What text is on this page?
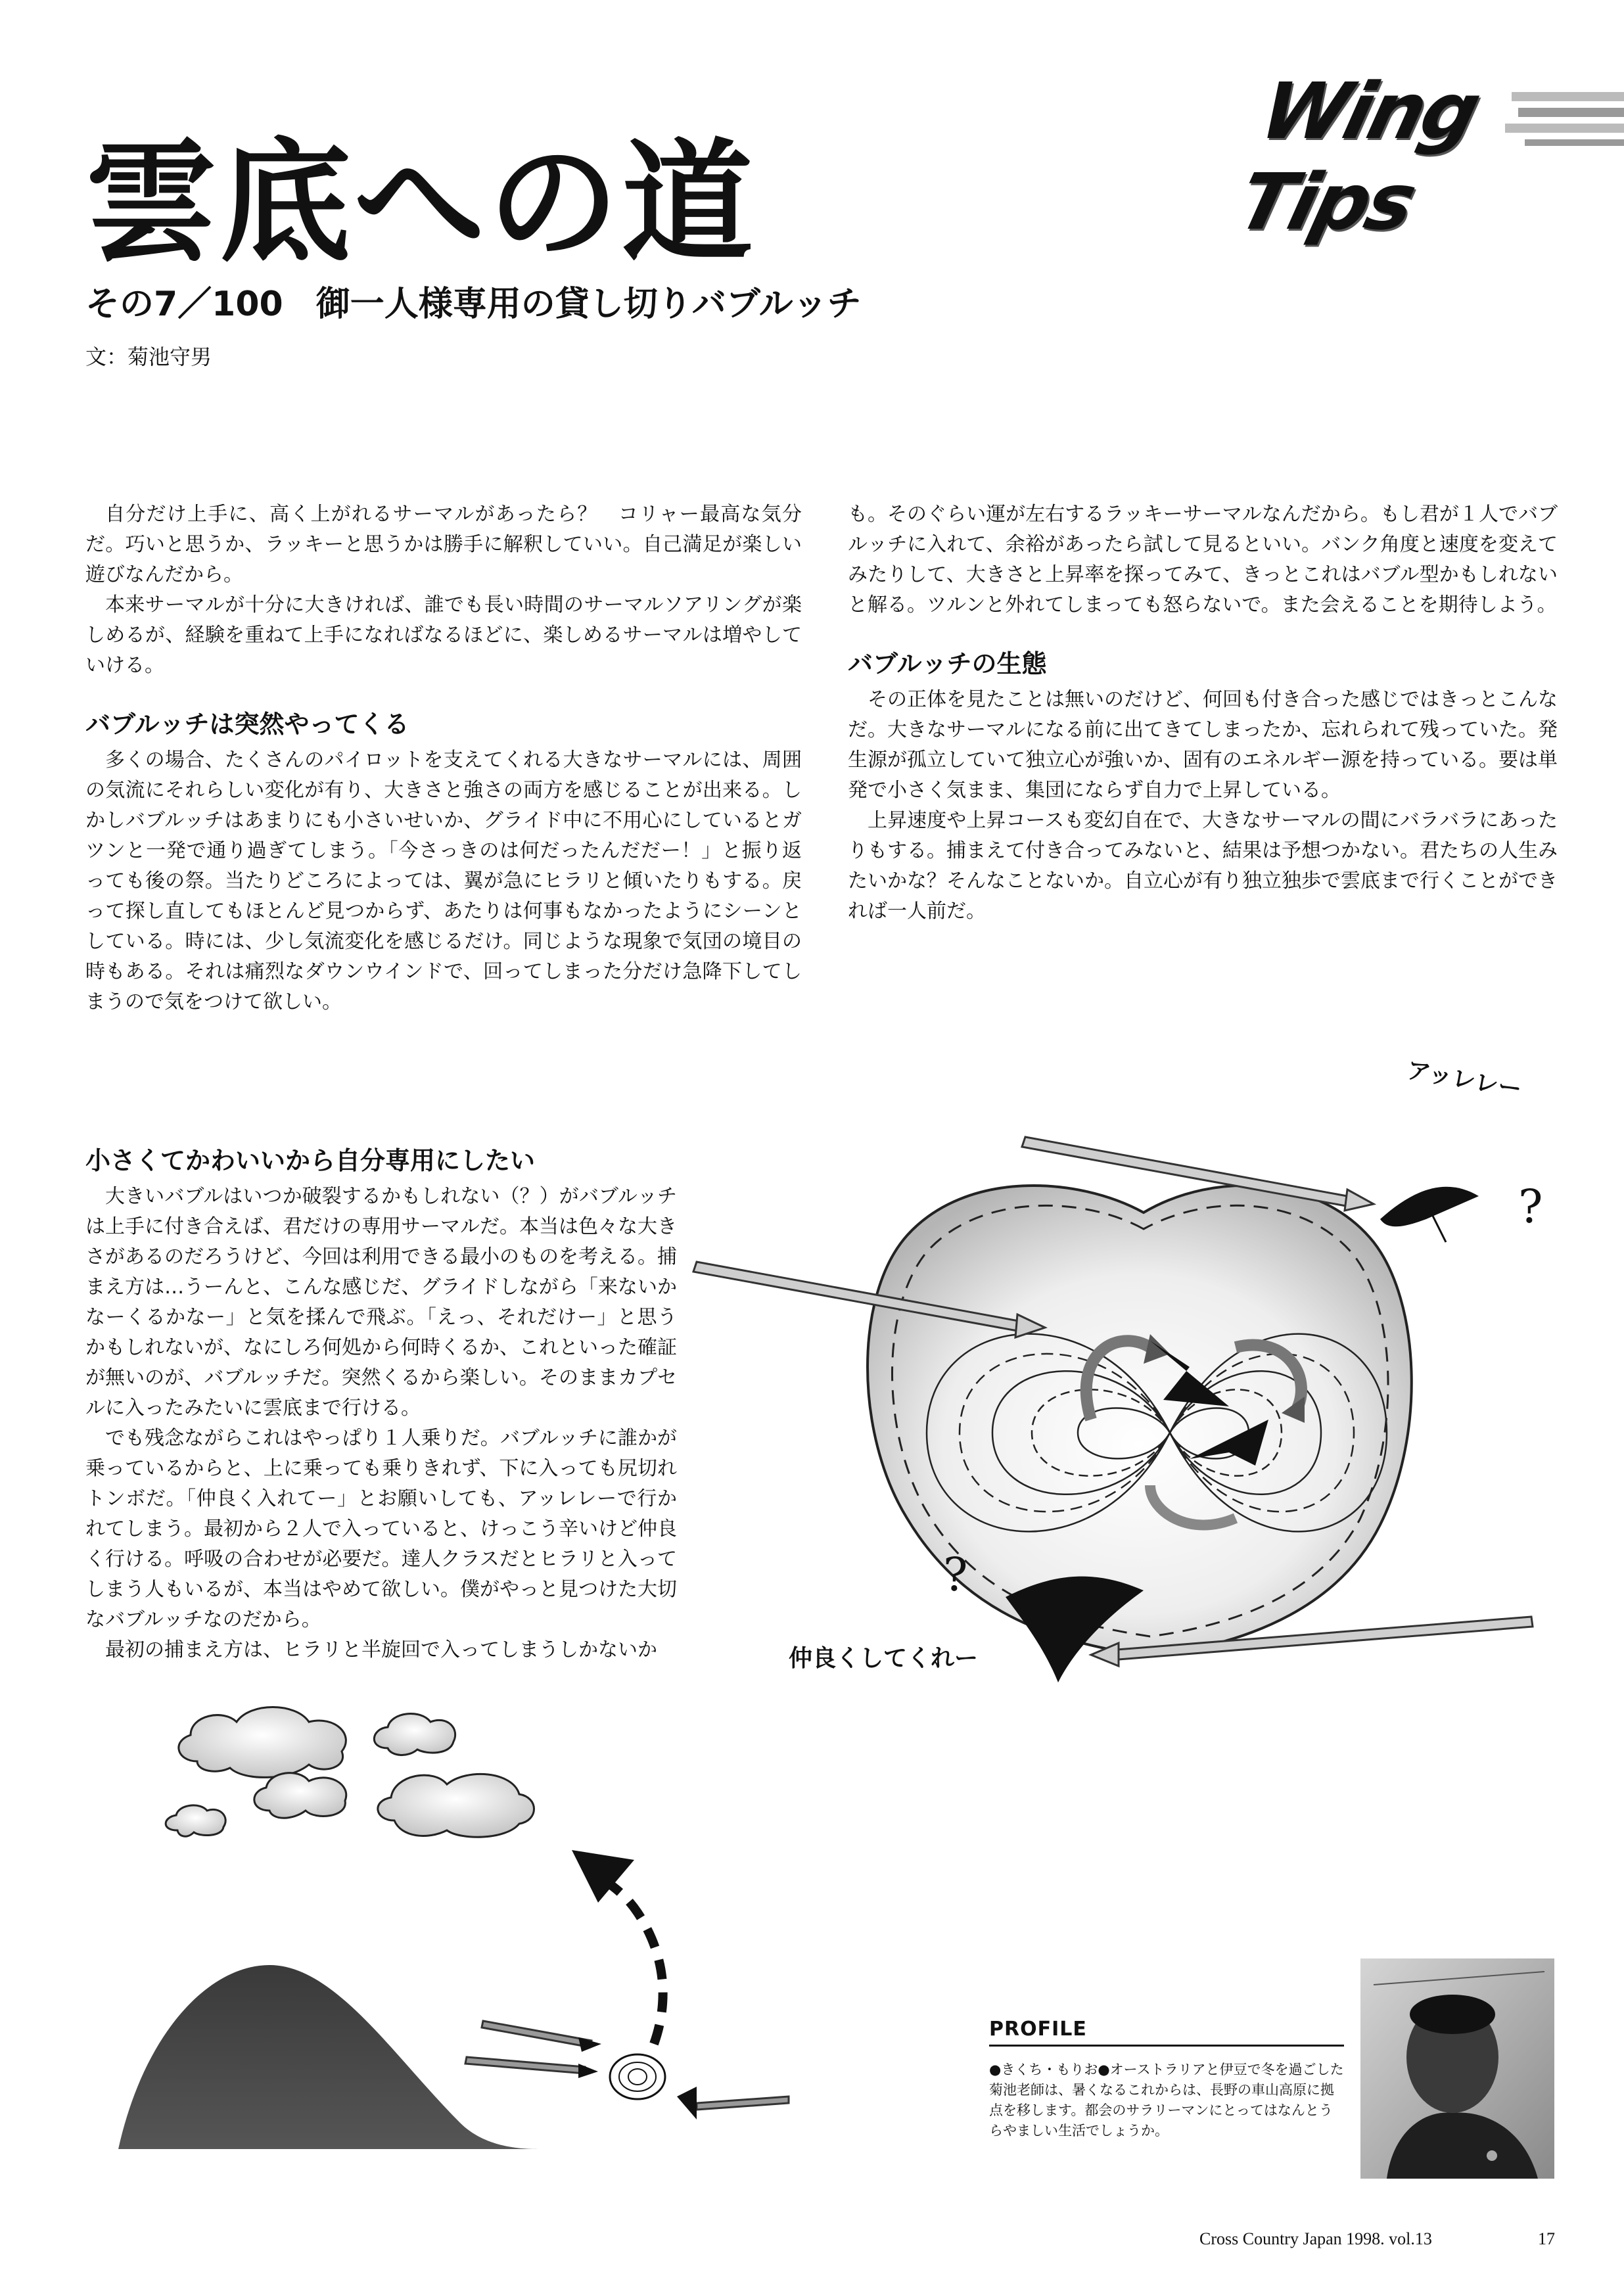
Wing Tips
雲底への道
その7／100 御一人様専用の貸し切りバブルッチ
文：菊池守男

自分だけ上手に、高く上がれるサーマルがあったら？　コリャー最高な気分だ。巧いと思うか、ラッキーと思うかは勝手に解釈していい。自己満足が楽しい遊びなんだから。

本来サーマルが十分に大きければ、誰でも長い時間のサーマルソアリングが楽しめるが、経験を重ねて上手になればなるほどに、楽しめるサーマルは増やしていける。

バブルッチは突然やってくる

多くの場合、たくさんのパイロットを支えてくれる大きなサーマルには、周囲の気流にそれらしい変化が有り、大きさと強さの両方を感じることが出来る。しかしバブルッチはあまりにも小さいせいか、グライド中に不用心にしているとガツンと一発で通り過ぎてしまう。「今さっきのは何だったんだだー！」と振り返っても後の祭。当たりどころによっては、翼が急にヒラリと傾いたりもする。戻って探し直してもほとんど見つからず、あたりは何事もなかったようにシーンとしている。時には、少し気流変化を感じるだけ。同じような現象で気団の境目の時もある。それは痛烈なダウンウインドで、回ってしまった分だけ急降下してしまうので気をつけて欲しい。

小さくてかわいいから自分専用にしたい

大きいバブルはいつか破裂するかもしれない（？）がバブルッチは上手に付き合えば、君だけの専用サーマルだ。本当は色々な大きさがあるのだろうけど、今回は利用できる最小のものを考える。捕まえ方は…うーんと、こんな感じだ、グライドしながら「来ないかなーくるかなー」と気を揉んで飛ぶ。「えっ、それだけー」と思うかもしれないが、なにしろ何処から何時くるか、これといった確証が無いのが、バブルッチだ。突然くるから楽しい。そのままカプセルに入ったみたいに雲底まで行ける。

でも残念ながらこれはやっぱり１人乗りだ。バブルッチに誰かが乗っているからと、上に乗っても乗りきれず、下に入っても尻切れトンボだ。「仲良く入れてー」とお願いしても、アッレレーで行かれてしまう。最初から２人で入っていると、けっこう辛いけど仲良く行ける。呼吸の合わせが必要だ。達人クラスだとヒラリと入ってしまう人もいるが、本当はやめて欲しい。僕がやっと見つけた大切なバブルッチなのだから。

最初の捕まえ方は、ヒラリと半旋回で入ってしまうしかないか

も。そのぐらい運が左右するラッキーサーマルなんだから。もし君が１人でバブルッチに入れて、余裕があったら試して見るといい。バンク角度と速度を変えてみたりして、大きさと上昇率を探ってみて、きっとこれはバブル型かもしれないと解る。ツルンと外れてしまっても怒らないで。また会えることを期待しよう。

バブルッチの生態

その正体を見たことは無いのだけど、何回も付き合った感じではきっとこんなだ。大きなサーマルになる前に出てきてしまったか、忘れられて残っていた。発生源が孤立していて独立心が強いか、固有のエネルギー源を持っている。要は単発で小さく気まま、集団にならず自力で上昇している。

上昇速度や上昇コースも変幻自在で、大きなサーマルの間にバラバラにあったりもする。捕まえて付き合ってみないと、結果は予想つかない。君たちの人生みたいかな？そんなことないか。自立心が有り独立独歩で雲底まで行くことができれば一人前だ。

?
?
アッレレー
仲良くしてくれー
PROFILE
●きくち・もりお●オーストラリアと伊豆で冬を過ごした菊池老師は、暑くなるこれからは、長野の車山高原に拠点を移します。都会のサラリーマンにとってはなんとうらやましい生活でしょうか。
Cross Country Japan 1998. vol.13	17
